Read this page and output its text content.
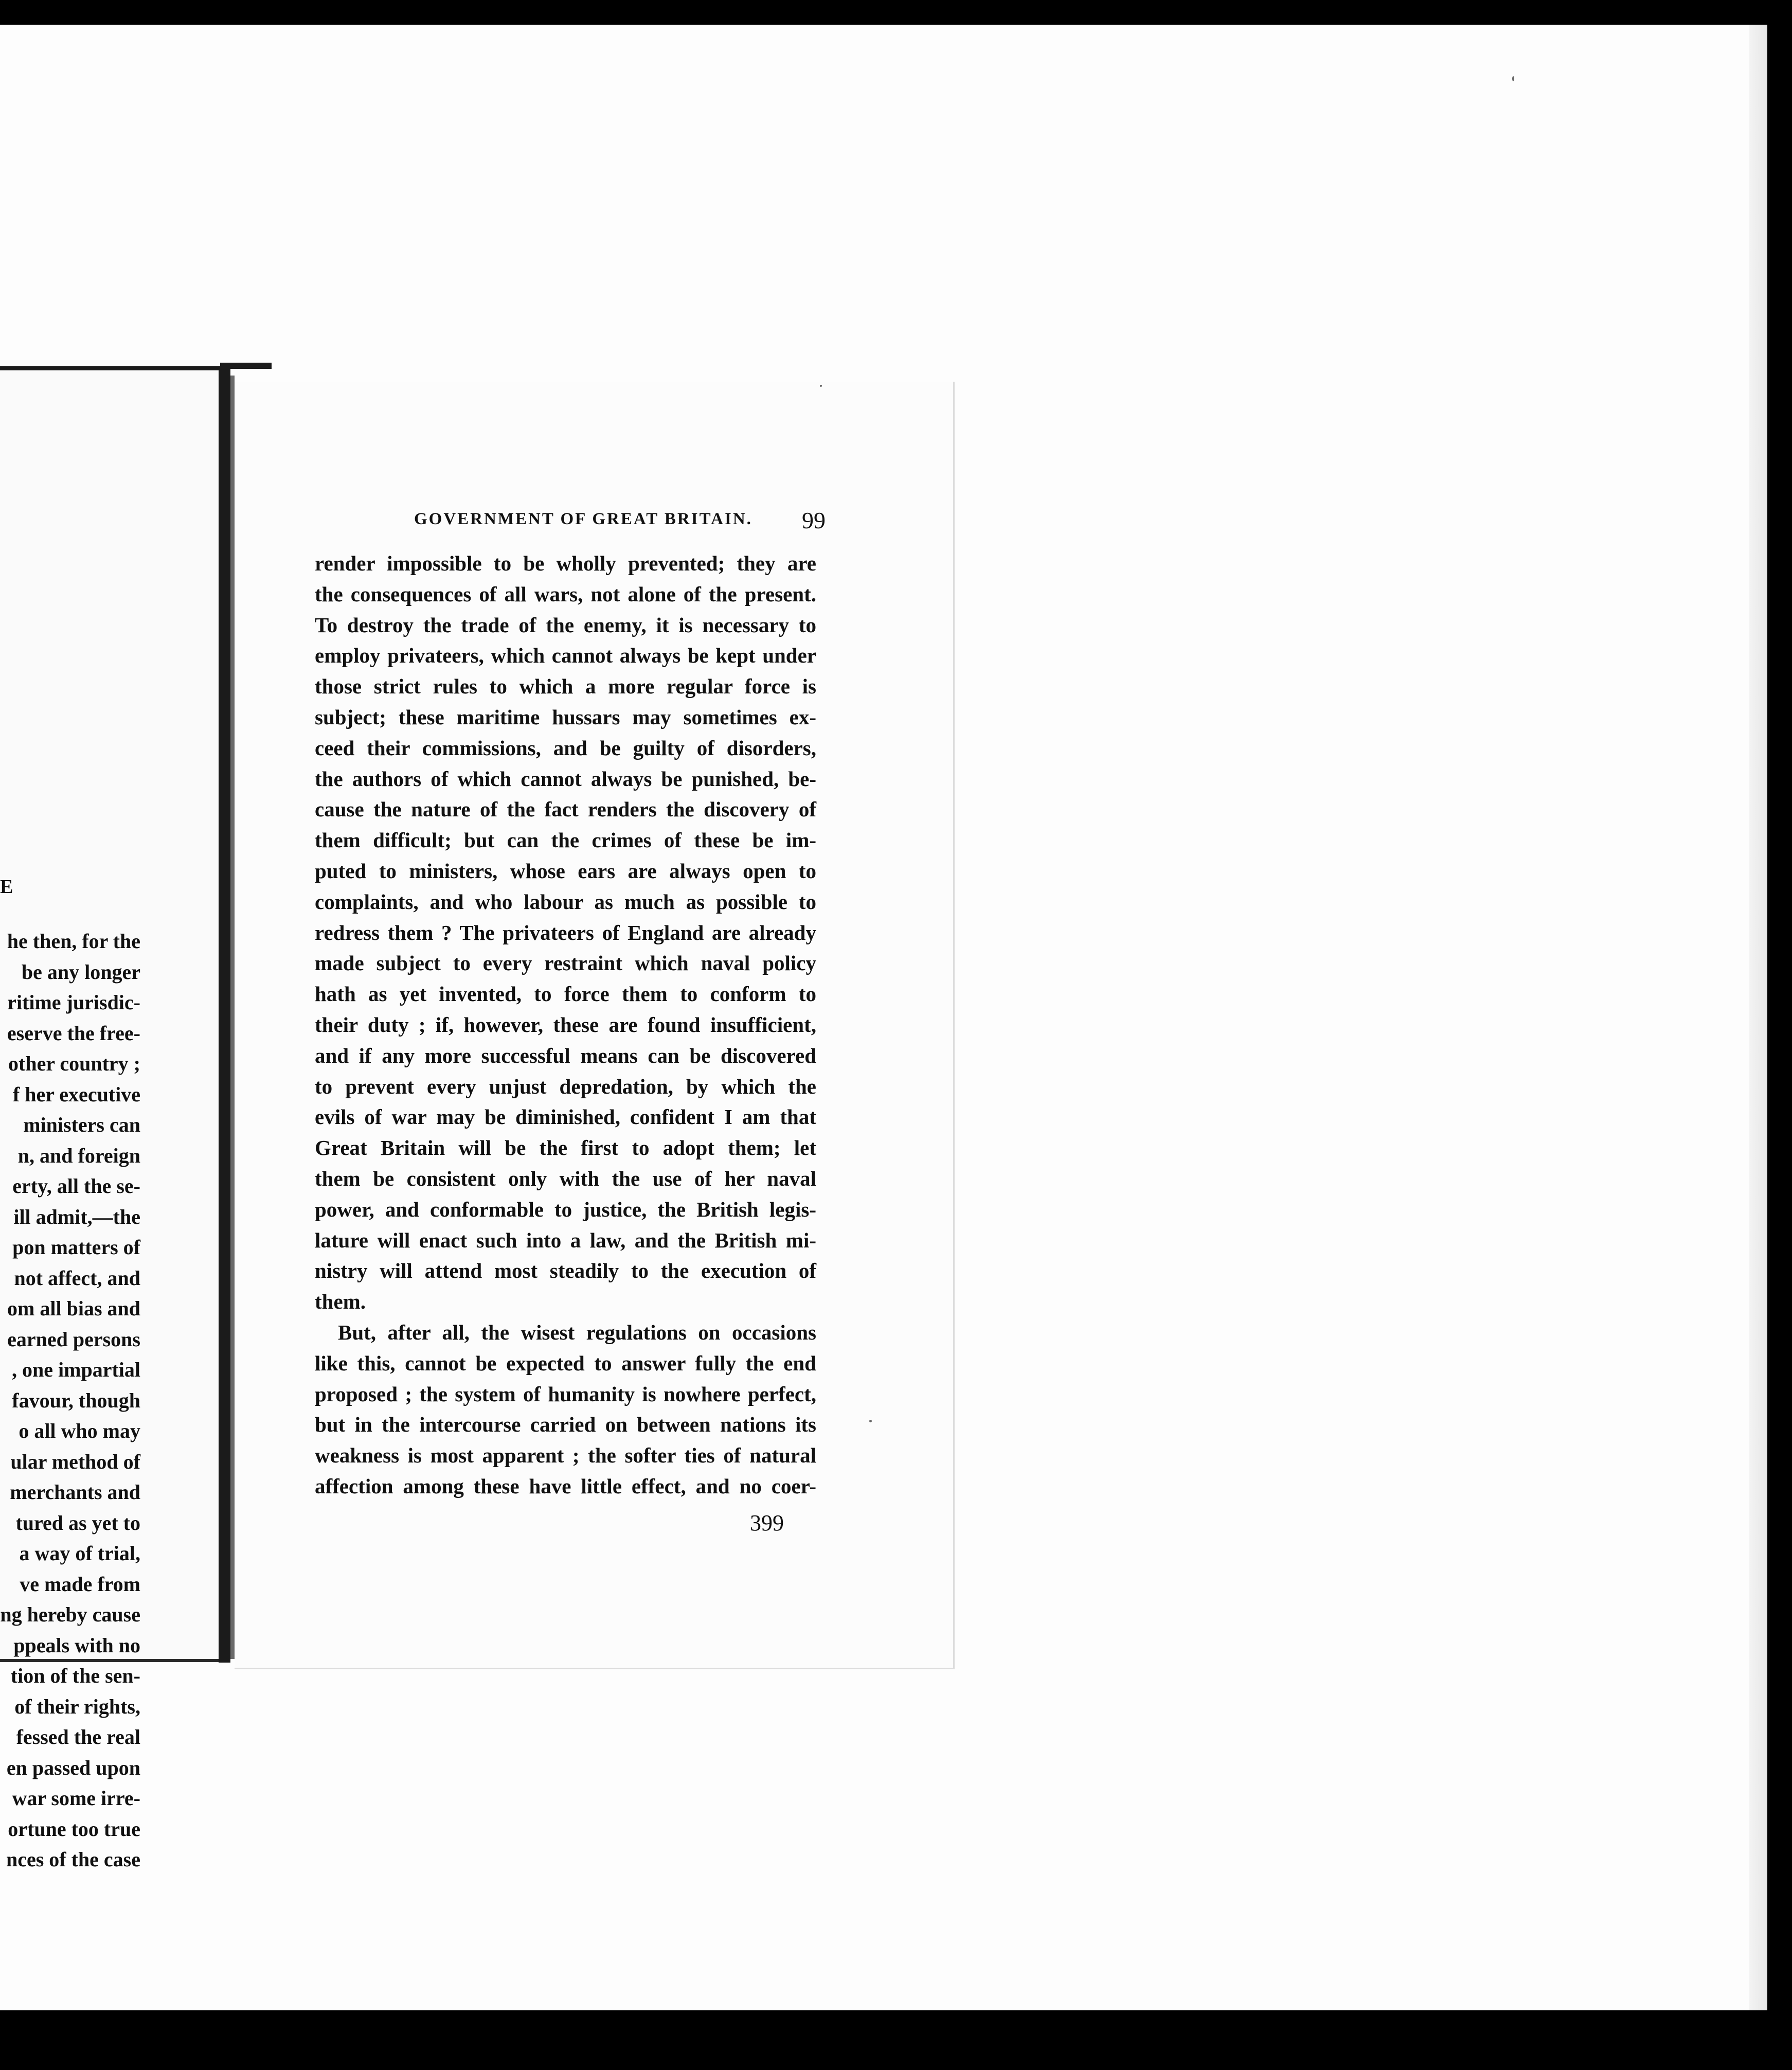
E
he then, for the
be any longer
ritime jurisdic-
eserve the free-
other country ;
f her executive
ministers can
n, and foreign
erty, all the se-
ill admit,—the
pon matters of
not affect, and
om all bias and
earned persons
, one impartial
favour, though
o all who may
ular method of
merchants and
tured as yet to
a way of trial,
ve made from
ng hereby cause
ppeals with no
tion of the sen-
of their rights,
fessed the real
en passed upon
war some irre-
ortune too true
nces of the case
GOVERNMENT OF GREAT BRITAIN. 99
render impossible to be wholly prevented; they are
the consequences of all wars, not alone of the present.
To destroy the trade of the enemy, it is necessary to
employ privateers, which cannot always be kept under
those strict rules to which a more regular force is
subject; these maritime hussars may sometimes ex-
ceed their commissions, and be guilty of disorders,
the authors of which cannot always be punished, be-
cause the nature of the fact renders the discovery of
them difficult; but can the crimes of these be im-
puted to ministers, whose ears are always open to
complaints, and who labour as much as possible to
redress them ? The privateers of England are already
made subject to every restraint which naval policy
hath as yet invented, to force them to conform to
their duty ; if, however, these are found insufficient,
and if any more successful means can be discovered
to prevent every unjust depredation, by which the
evils of war may be diminished, confident I am that
Great Britain will be the first to adopt them; let
them be consistent only with the use of her naval
power, and conformable to justice, the British legis-
lature will enact such into a law, and the British mi-
nistry will attend most steadily to the execution of
them.
But, after all, the wisest regulations on occasions
like this, cannot be expected to answer fully the end
proposed ; the system of humanity is nowhere perfect,
but in the intercourse carried on between nations its
weakness is most apparent ; the softer ties of natural
affection among these have little effect, and no coer-
399
